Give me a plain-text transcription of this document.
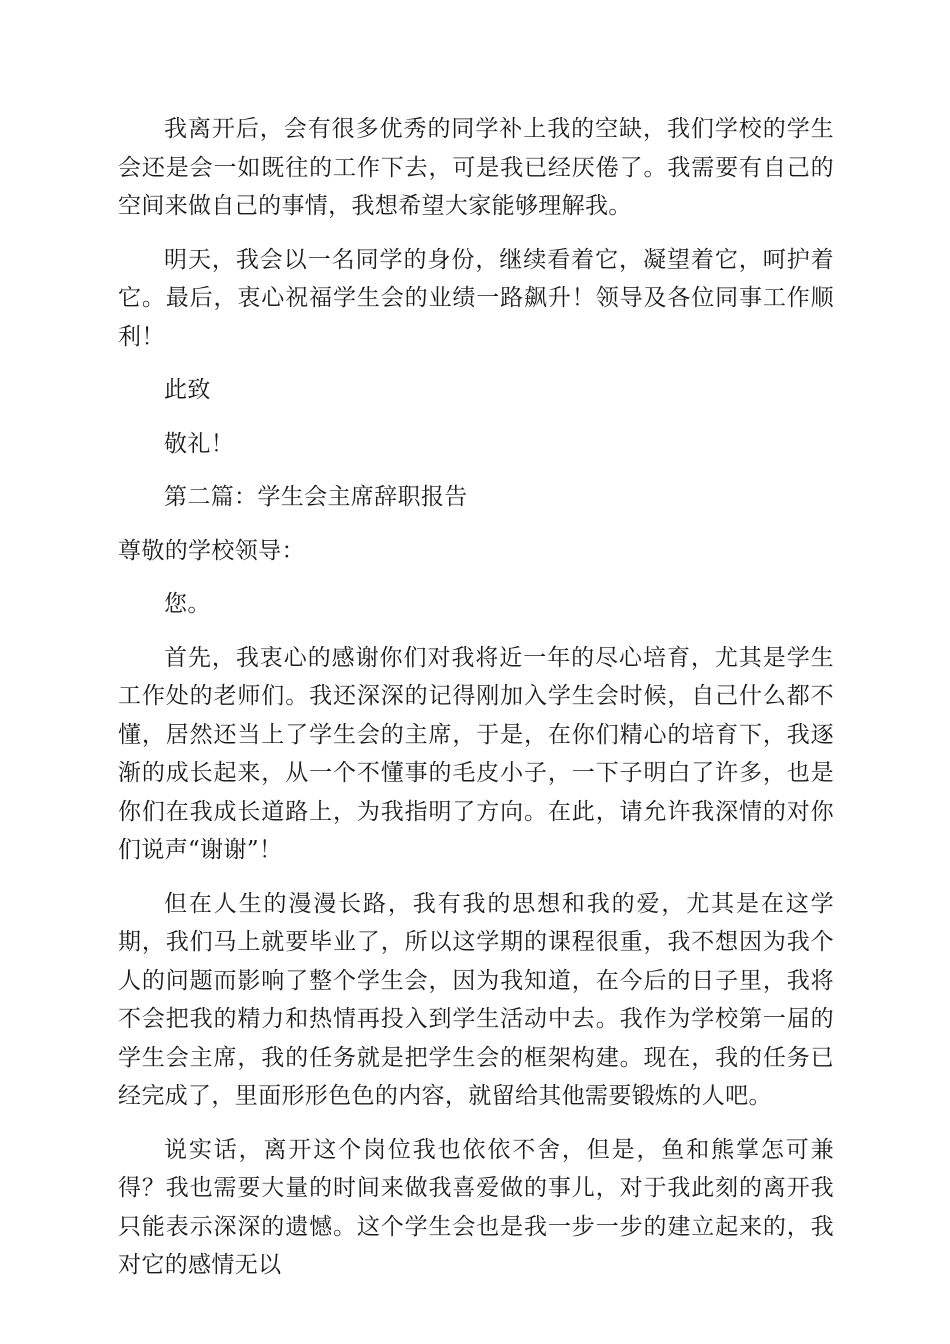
我离开后，会有很多优秀的同学补上我的空缺，我们学校的学生会还是会一如既往的工作下去，可是我已经厌倦了。我需要有自己的空间来做自己的事情，我想希望大家能够理解我。

明天，我会以一名同学的身份，继续看着它，凝望着它，呵护着它。最后，衷心祝福学生会的业绩一路飙升！领导及各位同事工作顺利！

此致

敬礼！

第二篇：学生会主席辞职报告

尊敬的学校领导：

您。

首先，我衷心的感谢你们对我将近一年的尽心培育，尤其是学生工作处的老师们。我还深深的记得刚加入学生会时候，自己什么都不懂，居然还当上了学生会的主席，于是，在你们精心的培育下，我逐渐的成长起来，从一个不懂事的毛皮小子，一下子明白了许多，也是你们在我成长道路上，为我指明了方向。在此，请允许我深情的对你们说声“谢谢”！

但在人生的漫漫长路，我有我的思想和我的爱，尤其是在这学期，我们马上就要毕业了，所以这学期的课程很重，我不想因为我个人的问题而影响了整个学生会，因为我知道，在今后的日子里，我将不会把我的精力和热情再投入到学生活动中去。我作为学校第一届的学生会主席，我的任务就是把学生会的框架构建。现在，我的任务已经完成了，里面形形色色的内容，就留给其他需要锻炼的人吧。

说实话，离开这个岗位我也依依不舍，但是，鱼和熊掌怎可兼得？我也需要大量的时间来做我喜爱做的事儿，对于我此刻的离开我只能表示深深的遗憾。这个学生会也是我一步一步的建立起来的，我对它的感情无以
